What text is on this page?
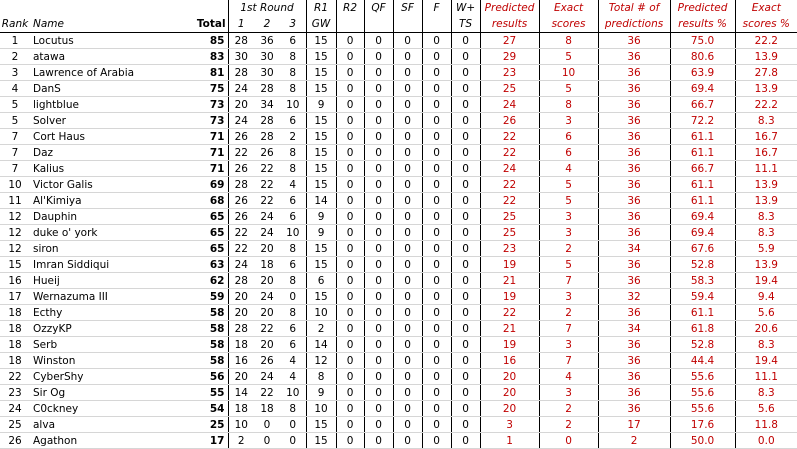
			1st Round			R1	R2	QF	SF	F	W+	Predicted	Exact	Total # of	Predicted	Exact
Rank	Name	Total	1	2	3	GW					TS	results	scores	predictions	results %	scores %
1	Locutus	85	28	36	6	15	0	0	0	0	0	27	8	36	75.0	22.2
2	atawa	83	30	30	8	15	0	0	0	0	0	29	5	36	80.6	13.9
3	Lawrence of Arabia	81	28	30	8	15	0	0	0	0	0	23	10	36	63.9	27.8
4	DanS	75	24	28	8	15	0	0	0	0	0	25	5	36	69.4	13.9
5	lightblue	73	20	34	10	9	0	0	0	0	0	24	8	36	66.7	22.2
5	Solver	73	24	28	6	15	0	0	0	0	0	26	3	36	72.2	8.3
7	Cort Haus	71	26	28	2	15	0	0	0	0	0	22	6	36	61.1	16.7
7	Daz	71	22	26	8	15	0	0	0	0	0	22	6	36	61.1	16.7
7	Kalius	71	26	22	8	15	0	0	0	0	0	24	4	36	66.7	11.1
10	Victor Galis	69	28	22	4	15	0	0	0	0	0	22	5	36	61.1	13.9
11	Al'Kimiya	68	26	22	6	14	0	0	0	0	0	22	5	36	61.1	13.9
12	Dauphin	65	26	24	6	9	0	0	0	0	0	25	3	36	69.4	8.3
12	duke o' york	65	22	24	10	9	0	0	0	0	0	25	3	36	69.4	8.3
12	siron	65	22	20	8	15	0	0	0	0	0	23	2	34	67.6	5.9
15	Imran Siddiqui	63	24	18	6	15	0	0	0	0	0	19	5	36	52.8	13.9
16	Hueij	62	28	20	8	6	0	0	0	0	0	21	7	36	58.3	19.4
17	Wernazuma III	59	20	24	0	15	0	0	0	0	0	19	3	32	59.4	9.4
18	Ecthy	58	20	20	8	10	0	0	0	0	0	22	2	36	61.1	5.6
18	OzzyKP	58	28	22	6	2	0	0	0	0	0	21	7	34	61.8	20.6
18	Serb	58	18	20	6	14	0	0	0	0	0	19	3	36	52.8	8.3
18	Winston	58	16	26	4	12	0	0	0	0	0	16	7	36	44.4	19.4
22	CyberShy	56	20	24	4	8	0	0	0	0	0	20	4	36	55.6	11.1
23	Sir Og	55	14	22	10	9	0	0	0	0	0	20	3	36	55.6	8.3
24	C0ckney	54	18	18	8	10	0	0	0	0	0	20	2	36	55.6	5.6
25	alva	25	10	0	0	15	0	0	0	0	0	3	2	17	17.6	11.8
26	Agathon	17	2	0	0	15	0	0	0	0	0	1	0	2	50.0	0.0
